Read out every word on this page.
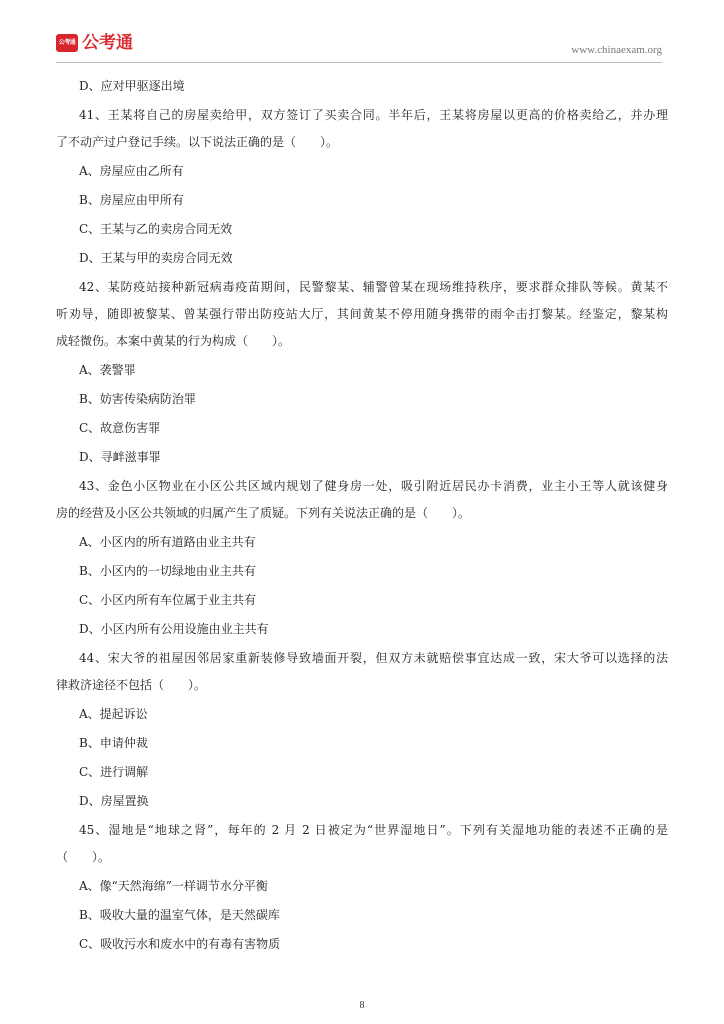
公考通 公考通	www.chinaexam.org
D、应对甲驱逐出境
41、王某将自己的房屋卖给甲，双方签订了买卖合同。半年后，王某将房屋以更高的价格卖给乙，并办理
了不动产过户登记手续。以下说法正确的是（　　）。
A、房屋应由乙所有
B、房屋应由甲所有
C、王某与乙的卖房合同无效
D、王某与甲的卖房合同无效
42、某防疫站接种新冠病毒疫苗期间，民警黎某、辅警曾某在现场维持秩序，要求群众排队等候。黄某不
听劝导，随即被黎某、曾某强行带出防疫站大厅，其间黄某不停用随身携带的雨伞击打黎某。经鉴定，黎某构
成轻微伤。本案中黄某的行为构成（　　）。
A、袭警罪
B、妨害传染病防治罪
C、故意伤害罪
D、寻衅滋事罪
43、金色小区物业在小区公共区域内规划了健身房一处，吸引附近居民办卡消费，业主小王等人就该健身
房的经营及小区公共领域的归属产生了质疑。下列有关说法正确的是（　　）。
A、小区内的所有道路由业主共有
B、小区内的一切绿地由业主共有
C、小区内所有车位属于业主共有
D、小区内所有公用设施由业主共有
44、宋大爷的祖屋因邻居家重新装修导致墙面开裂，但双方未就赔偿事宜达成一致，宋大爷可以选择的法
律救济途径不包括（　　）。
A、提起诉讼
B、申请仲裁
C、进行调解
D、房屋置换
45、湿地是“地球之肾”，每年的 2 月 2 日被定为“世界湿地日”。下列有关湿地功能的表述不正确的是
（　　）。
A、像“天然海绵”一样调节水分平衡
B、吸收大量的温室气体，是天然碳库
C、吸收污水和废水中的有毒有害物质
8
